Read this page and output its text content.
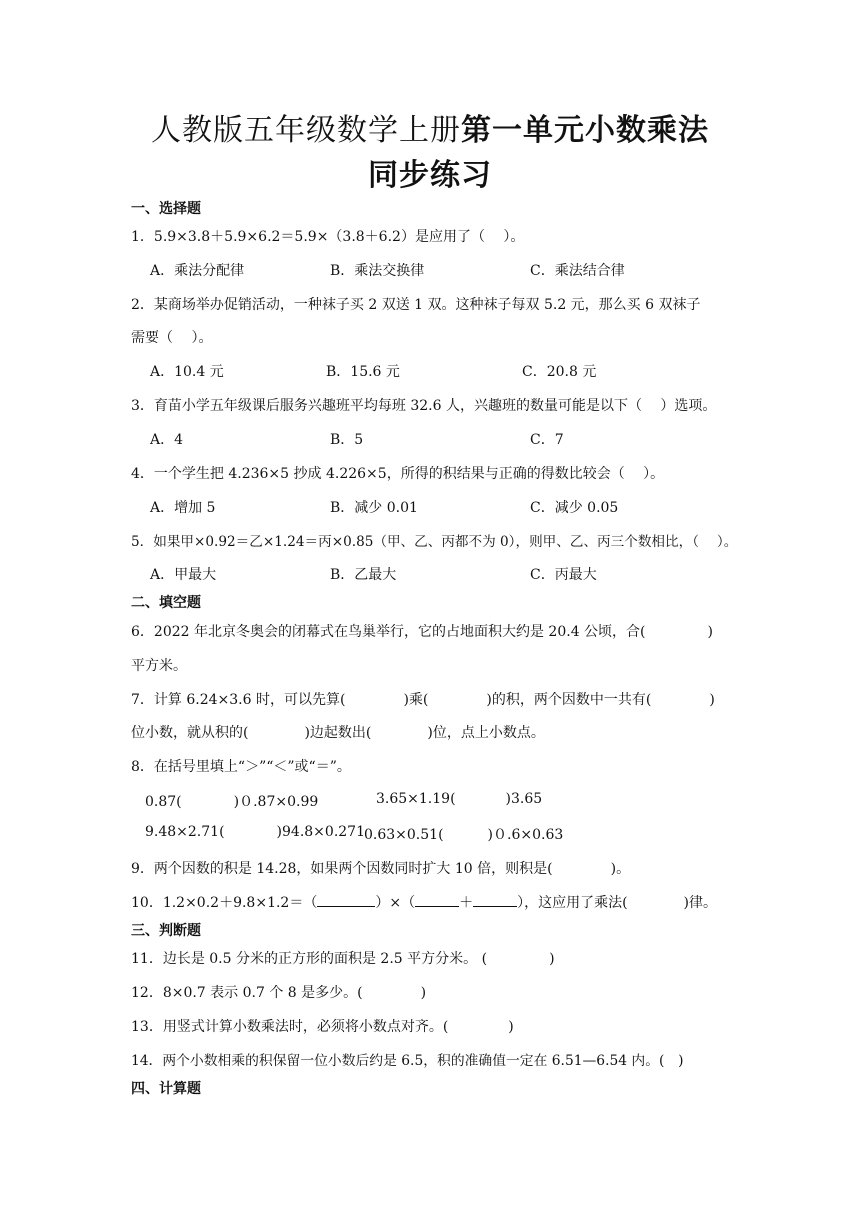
人教版五年级数学上册第一单元小数乘法
同步练习
一、选择题
1．5.9×3.8＋5.9×6.2＝5.9×（3.8＋6.2）是应用了（　 ）。
A．乘法分配律	B．乘法交换律	C．乘法结合律
2．某商场举办促销活动，一种袜子买 2 双送 1 双。这种袜子每双 5.2 元，那么买 6 双袜子
需要（　 ）。
A．10.4 元	B．15.6 元	C．20.8 元
3．育苗小学五年级课后服务兴趣班平均每班 32.6 人，兴趣班的数量可能是以下（　 ）选项。
A．4	B．5	C．7
4．一个学生把 4.236×5 抄成 4.226×5，所得的积结果与正确的得数比较会（　 ）。
A．增加 5	B．减少 0.01	C．减少 0.05
5．如果甲×0.92＝乙×1.24＝丙×0.85（甲、乙、丙都不为 0），则甲、乙、丙三个数相比，（　 ）。
A．甲最大	B．乙最大	C．丙最大
二、填空题
6．2022 年北京冬奥会的闭幕式在鸟巢举行，它的占地面积大约是 20.4 公顷，合(	)
平方米。
7．计算 6.24×3.6 时，可以先算(	)乘(	)的积，两个因数中一共有(	)
位小数，就从积的(	)边起数出(	)位，点上小数点。
8．在括号里填上“＞”“＜”或“＝”。
0.87(	)０.87×0.99	3.65×1.19(	)3.65
9.48×2.71(	)94.8×0.271 0.63×0.51(	)０.6×0.63
9．两个因数的积是 14.28，如果两个因数同时扩大 10 倍，则积是(	)。
10．1.2×0.2＋9.8×1.2＝（	）×（	＋	），这应用了乘法(	)律。
三、判断题
11．边长是 0.5 分米的正方形的面积是 2.5 平方分米。 (	)
12．8×0.7 表示 0.7 个 8 是多少。(	)
13．用竖式计算小数乘法时，必须将小数点对齐。(	)
14．两个小数相乘的积保留一位小数后约是 6.5，积的准确值一定在 6.51—6.54 内。(　)
四、计算题
